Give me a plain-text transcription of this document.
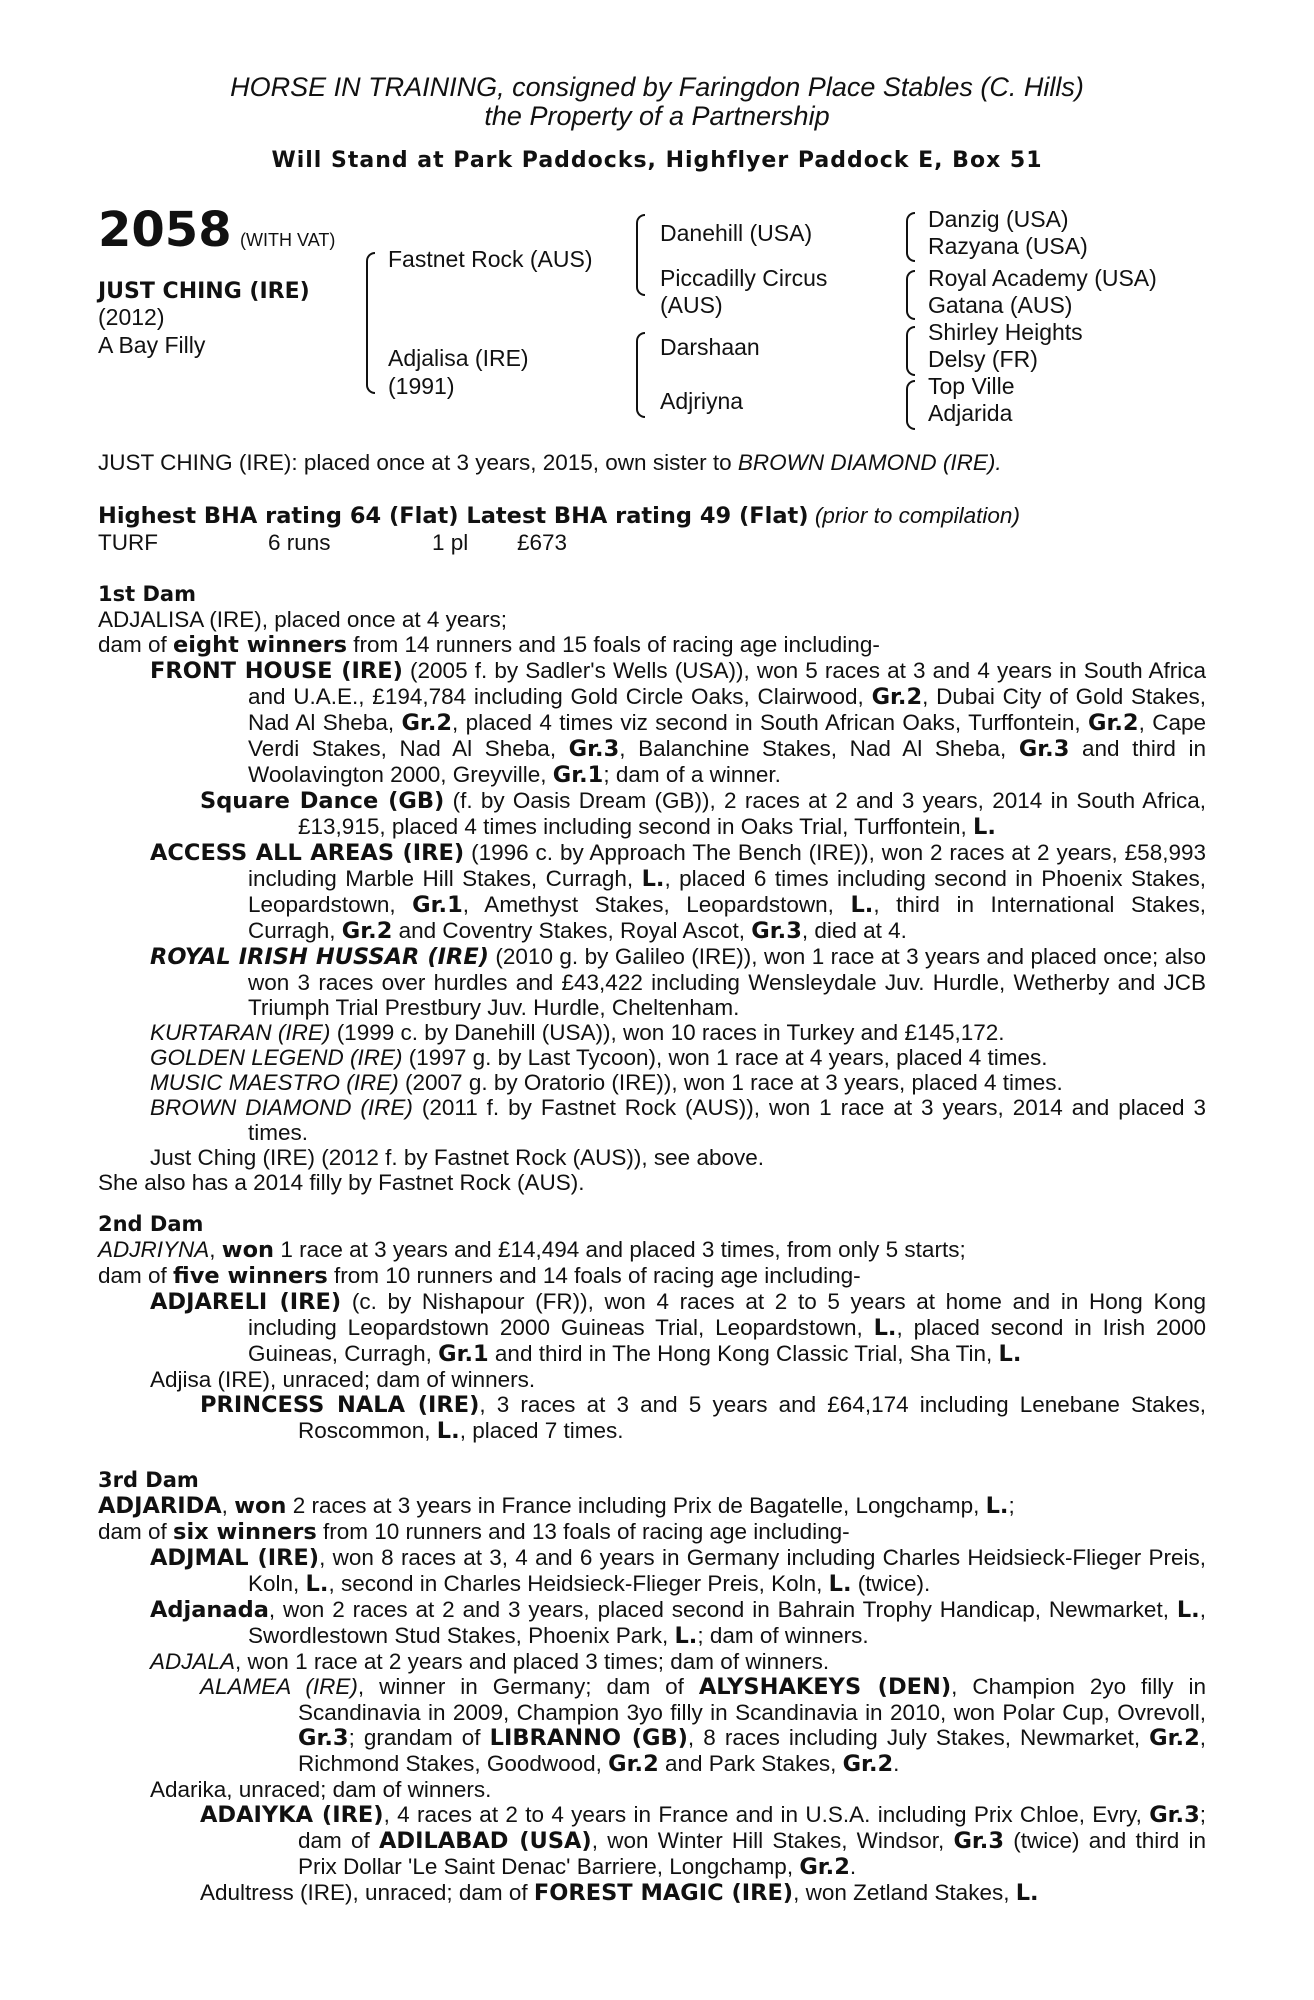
HORSE IN TRAINING, consigned by Faringdon Place Stables (C. Hills)
the Property of a Partnership
Will Stand at Park Paddocks, Highflyer Paddock E, Box 51
2058 (WITH VAT)
JUST CHING (IRE)
(2012)
A Bay Filly
Fastnet Rock (AUS)
Adjalisa (IRE)
(1991)
Danehill (USA)
Piccadilly Circus
(AUS)
Darshaan
Adjriyna
Danzig (USA)
Razyana (USA)
Royal Academy (USA)
Gatana (AUS)
Shirley Heights
Delsy (FR)
Top Ville
Adjarida
JUST CHING (IRE): placed once at 3 years, 2015, own sister to BROWN DIAMOND (IRE).
Highest BHA rating 64 (Flat) Latest BHA rating 49 (Flat) (prior to compilation)
TURF	6 runs	1 pl £673

1st Dam

ADJALISA (IRE), placed once at 4 years;

dam of eight winners from 14 runners and 15 foals of racing age including-

FRONT HOUSE (IRE) (2005 f. by Sadler's Wells (USA)), won 5 races at 3 and 4 years in South Africa and U.A.E., £194,784 including Gold Circle Oaks, Clairwood, Gr.2, Dubai City of Gold Stakes, Nad Al Sheba, Gr.2, placed 4 times viz second in South African Oaks, Turffontein, Gr.2, Cape Verdi Stakes, Nad Al Sheba, Gr.3, Balanchine Stakes, Nad Al Sheba, Gr.3 and third in Woolavington 2000, Greyville, Gr.1; dam of a winner.

Square Dance (GB) (f. by Oasis Dream (GB)), 2 races at 2 and 3 years, 2014 in South Africa, £13,915, placed 4 times including second in Oaks Trial, Turffontein, L.

ACCESS ALL AREAS (IRE) (1996 c. by Approach The Bench (IRE)), won 2 races at 2 years, £58,993 including Marble Hill Stakes, Curragh, L., placed 6 times including second in Phoenix Stakes, Leopardstown, Gr.1, Amethyst Stakes, Leopardstown, L., third in International Stakes, Curragh, Gr.2 and Coventry Stakes, Royal Ascot, Gr.3, died at 4.

ROYAL IRISH HUSSAR (IRE) (2010 g. by Galileo (IRE)), won 1 race at 3 years and placed once; also won 3 races over hurdles and £43,422 including Wensleydale Juv. Hurdle, Wetherby and JCB Triumph Trial Prestbury Juv. Hurdle, Cheltenham.

KURTARAN (IRE) (1999 c. by Danehill (USA)), won 10 races in Turkey and £145,172.

GOLDEN LEGEND (IRE) (1997 g. by Last Tycoon), won 1 race at 4 years, placed 4 times.

MUSIC MAESTRO (IRE) (2007 g. by Oratorio (IRE)), won 1 race at 3 years, placed 4 times.

BROWN DIAMOND (IRE) (2011 f. by Fastnet Rock (AUS)), won 1 race at 3 years, 2014 and placed 3 times.

Just Ching (IRE) (2012 f. by Fastnet Rock (AUS)), see above.

She also has a 2014 filly by Fastnet Rock (AUS).

2nd Dam

ADJRIYNA, won 1 race at 3 years and £14,494 and placed 3 times, from only 5 starts;

dam of five winners from 10 runners and 14 foals of racing age including-

ADJARELI (IRE) (c. by Nishapour (FR)), won 4 races at 2 to 5 years at home and in Hong Kong including Leopardstown 2000 Guineas Trial, Leopardstown, L., placed second in Irish 2000 Guineas, Curragh, Gr.1 and third in The Hong Kong Classic Trial, Sha Tin, L.

Adjisa (IRE), unraced; dam of winners.

PRINCESS NALA (IRE), 3 races at 3 and 5 years and £64,174 including Lenebane Stakes, Roscommon, L., placed 7 times.

3rd Dam

ADJARIDA, won 2 races at 3 years in France including Prix de Bagatelle, Longchamp, L.;

dam of six winners from 10 runners and 13 foals of racing age including-

ADJMAL (IRE), won 8 races at 3, 4 and 6 years in Germany including Charles Heidsieck-Flieger Preis, Koln, L., second in Charles Heidsieck-Flieger Preis, Koln, L. (twice).

Adjanada, won 2 races at 2 and 3 years, placed second in Bahrain Trophy Handicap, Newmarket, L., Swordlestown Stud Stakes, Phoenix Park, L.; dam of winners.

ADJALA, won 1 race at 2 years and placed 3 times; dam of winners.

ALAMEA (IRE), winner in Germany; dam of ALYSHAKEYS (DEN), Champion 2yo filly in Scandinavia in 2009, Champion 3yo filly in Scandinavia in 2010, won Polar Cup, Ovrevoll, Gr.3; grandam of LIBRANNO (GB), 8 races including July Stakes, Newmarket, Gr.2, Richmond Stakes, Goodwood, Gr.2 and Park Stakes, Gr.2.

Adarika, unraced; dam of winners.

ADAIYKA (IRE), 4 races at 2 to 4 years in France and in U.S.A. including Prix Chloe, Evry, Gr.3; dam of ADILABAD (USA), won Winter Hill Stakes, Windsor, Gr.3 (twice) and third in Prix Dollar 'Le Saint Denac' Barriere, Longchamp, Gr.2.

Adultress (IRE), unraced; dam of FOREST MAGIC (IRE), won Zetland Stakes, L.
